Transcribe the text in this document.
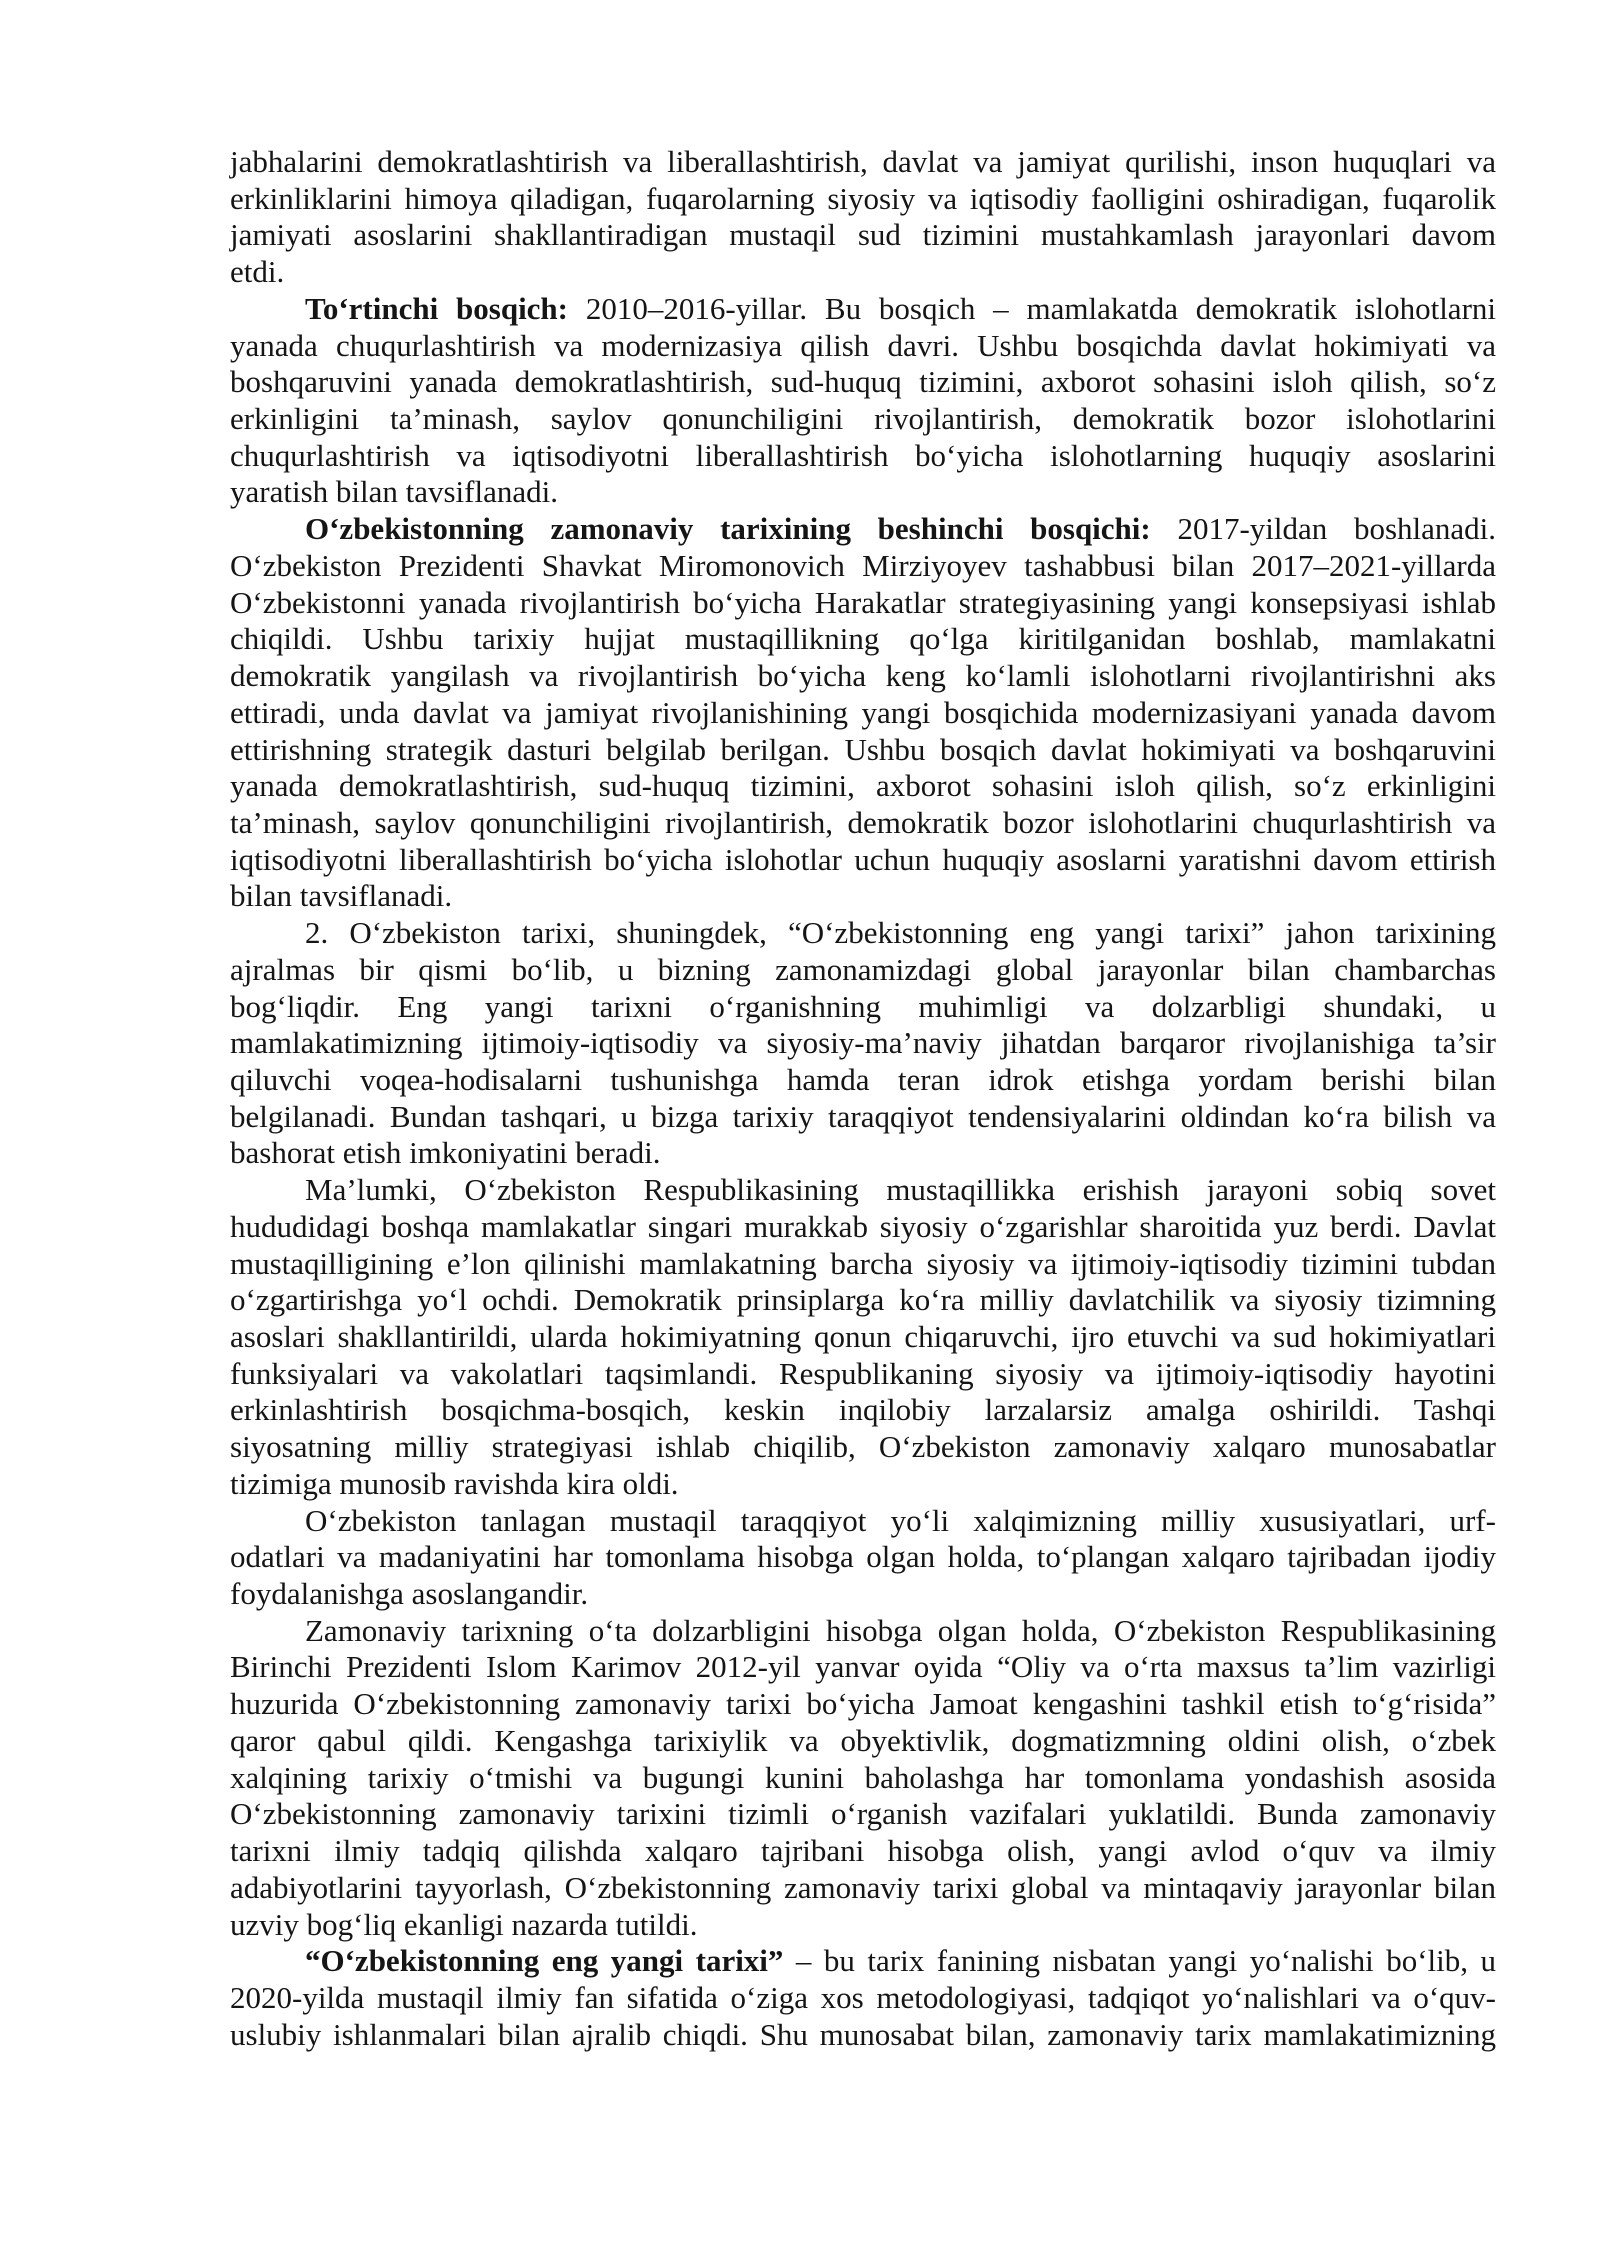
jabhalarini demokratlashtirish va liberallashtirish, davlat va jamiyat qurilishi, inson huquqlari va
erkinliklarini himoya qiladigan, fuqarolarning siyosiy va iqtisodiy faolligini oshiradigan, fuqarolik
jamiyati asoslarini shakllantiradigan mustaqil sud tizimini mustahkamlash jarayonlari davom
etdi.
To‘rtinchi bosqich: 2010–2016-yillar. Bu bosqich – mamlakatda demokratik islohotlarni
yanada chuqurlashtirish va modernizasiya qilish davri. Ushbu bosqichda davlat hokimiyati va
boshqaruvini yanada demokratlashtirish, sud-huquq tizimini, axborot sohasini isloh qilish, so‘z
erkinligini ta’minash, saylov qonunchiligini rivojlantirish, demokratik bozor islohotlarini
chuqurlashtirish va iqtisodiyotni liberallashtirish bo‘yicha islohotlarning huquqiy asoslarini
yaratish bilan tavsiflanadi.
O‘zbekistonning zamonaviy tarixining beshinchi bosqichi: 2017-yildan boshlanadi.
O‘zbekiston Prezidenti Shavkat Miromonovich Mirziyoyev tashabbusi bilan 2017–2021-yillarda
O‘zbekistonni yanada rivojlantirish bo‘yicha Harakatlar strategiyasining yangi konsepsiyasi ishlab
chiqildi. Ushbu tarixiy hujjat mustaqillikning qo‘lga kiritilganidan boshlab, mamlakatni
demokratik yangilash va rivojlantirish bo‘yicha keng ko‘lamli islohotlarni rivojlantirishni aks
ettiradi, unda davlat va jamiyat rivojlanishining yangi bosqichida modernizasiyani yanada davom
ettirishning strategik dasturi belgilab berilgan. Ushbu bosqich davlat hokimiyati va boshqaruvini
yanada demokratlashtirish, sud-huquq tizimini, axborot sohasini isloh qilish, so‘z erkinligini
ta’minash, saylov qonunchiligini rivojlantirish, demokratik bozor islohotlarini chuqurlashtirish va
iqtisodiyotni liberallashtirish bo‘yicha islohotlar uchun huquqiy asoslarni yaratishni davom ettirish
bilan tavsiflanadi.
2. O‘zbekiston tarixi, shuningdek, “O‘zbekistonning eng yangi tarixi” jahon tarixining
ajralmas bir qismi bo‘lib, u bizning zamonamizdagi global jarayonlar bilan chambarchas
bog‘liqdir. Eng yangi tarixni o‘rganishning muhimligi va dolzarbligi shundaki, u
mamlakatimizning ijtimoiy-iqtisodiy va siyosiy-ma’naviy jihatdan barqaror rivojlanishiga ta’sir
qiluvchi voqea-hodisalarni tushunishga hamda teran idrok etishga yordam berishi bilan
belgilanadi. Bundan tashqari, u bizga tarixiy taraqqiyot tendensiyalarini oldindan ko‘ra bilish va
bashorat etish imkoniyatini beradi.
Ma’lumki, O‘zbekiston Respublikasining mustaqillikka erishish jarayoni sobiq sovet
hududidagi boshqa mamlakatlar singari murakkab siyosiy o‘zgarishlar sharoitida yuz berdi. Davlat
mustaqilligining e’lon qilinishi mamlakatning barcha siyosiy va ijtimoiy-iqtisodiy tizimini tubdan
o‘zgartirishga yo‘l ochdi. Demokratik prinsiplarga ko‘ra milliy davlatchilik va siyosiy tizimning
asoslari shakllantirildi, ularda hokimiyatning qonun chiqaruvchi, ijro etuvchi va sud hokimiyatlari
funksiyalari va vakolatlari taqsimlandi. Respublikaning siyosiy va ijtimoiy-iqtisodiy hayotini
erkinlashtirish bosqichma-bosqich, keskin inqilobiy larzalarsiz amalga oshirildi. Tashqi
siyosatning milliy strategiyasi ishlab chiqilib, O‘zbekiston zamonaviy xalqaro munosabatlar
tizimiga munosib ravishda kira oldi.
O‘zbekiston tanlagan mustaqil taraqqiyot yo‘li xalqimizning milliy xususiyatlari, urf-
odatlari va madaniyatini har tomonlama hisobga olgan holda, to‘plangan xalqaro tajribadan ijodiy
foydalanishga asoslangandir.
Zamonaviy tarixning o‘ta dolzarbligini hisobga olgan holda, O‘zbekiston Respublikasining
Birinchi Prezidenti Islom Karimov 2012-yil yanvar oyida “Oliy va o‘rta maxsus ta’lim vazirligi
huzurida O‘zbekistonning zamonaviy tarixi bo‘yicha Jamoat kengashini tashkil etish to‘g‘risida”
qaror qabul qildi. Kengashga tarixiylik va obyektivlik, dogmatizmning oldini olish, o‘zbek
xalqining tarixiy o‘tmishi va bugungi kunini baholashga har tomonlama yondashish asosida
O‘zbekistonning zamonaviy tarixini tizimli o‘rganish vazifalari yuklatildi. Bunda zamonaviy
tarixni ilmiy tadqiq qilishda xalqaro tajribani hisobga olish, yangi avlod o‘quv va ilmiy
adabiyotlarini tayyorlash, O‘zbekistonning zamonaviy tarixi global va mintaqaviy jarayonlar bilan
uzviy bog‘liq ekanligi nazarda tutildi.
“O‘zbekistonning eng yangi tarixi” – bu tarix fanining nisbatan yangi yo‘nalishi bo‘lib, u
2020-yilda mustaqil ilmiy fan sifatida o‘ziga xos metodologiyasi, tadqiqot yo‘nalishlari va o‘quv-
uslubiy ishlanmalari bilan ajralib chiqdi. Shu munosabat bilan, zamonaviy tarix mamlakatimizning
